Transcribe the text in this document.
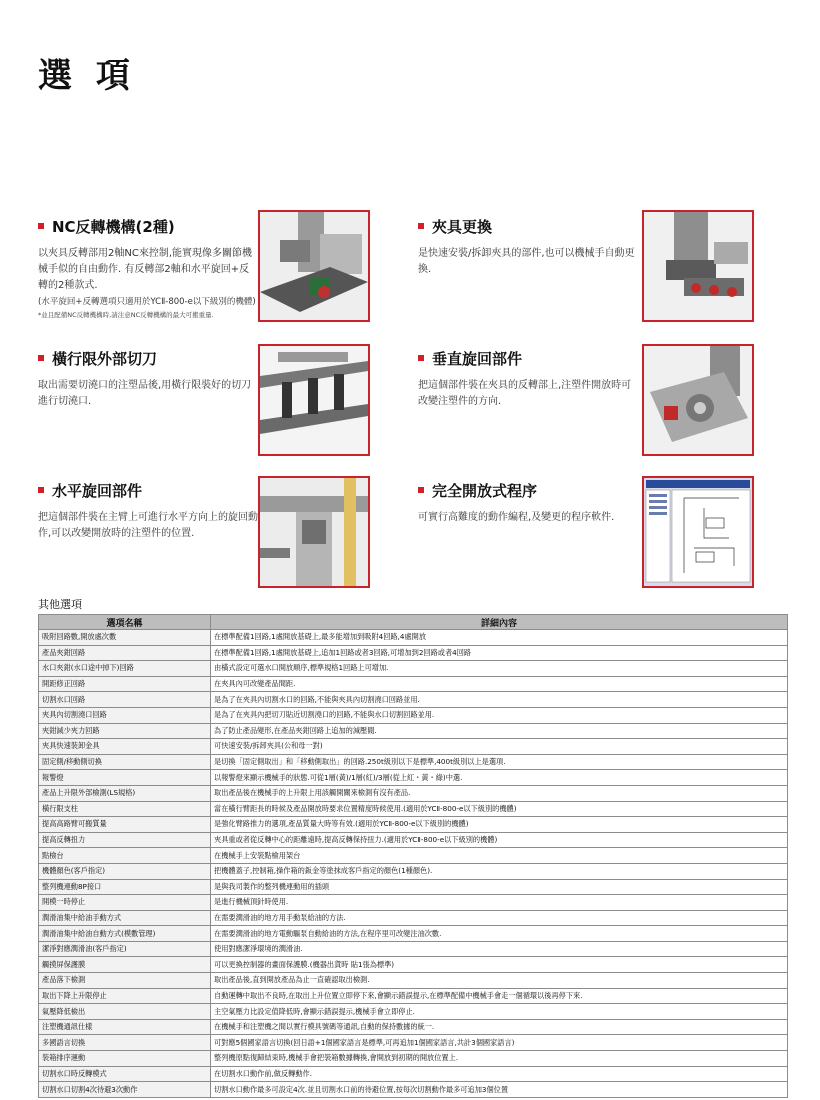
選 項
NC反轉機構(2種)
以夾具反轉部用2軸NC來控制,能實現像多關節機械手似的自由動作. 有反轉部2軸和水平旋回+反轉的2種款式.
(水平旋回+反轉選項只適用於YCⅡ-800-e以下級別的機體)
*並且配備NC反轉機構時,請注意NC反轉機構的最大可搬重量.
夾具更換
是快速安裝/拆卸夾具的部件,也可以機械手自動更換.
橫行限外部切刀
取出需要切澆口的注塑品後,用橫行限裝好的切刀進行切澆口.
垂直旋回部件
把這個部件裝在夾具的反轉部上,注塑件開放時可改變注塑件的方向.
水平旋回部件
把這個部件裝在主臂上可進行水平方向上的旋回動作,可以改變開放時的注塑件的位置.
完全開放式程序
可實行高難度的動作編程,及變更的程序軟件.
其他選項
選項名稱	詳細內容
吸附回路數,開放處次數	在標準配備1回路,1處開放基礎上,最多能增加到吸附4回路,4處開放
產品夾鉗回路	在標準配備1回路,1處開放基礎上,追加1回路或者3回路,可增加到2回路或者4回路
水口夾鉗(水口途中掉下)回路	由橫式設定可選水口開放順序,標準規格1回路上可增加.
開距修正回路	在夾具內可改變產品間距.
切割水口回路	是為了在夾具內切割水口的回路,不能與夾具內切割澆口回路並用.
夾具內切割澆口回路	是為了在夾具內把切刀貼近切割澆口的回路,不能與水口切割回路並用.
夾鉗減少夾力回路	為了防止產品變形,在產品夾鉗回路上追加的減壓閥.
夾具快速裝卸金具	可快速安裝/拆卸夾具(公和母一對)
固定側/移動側切換	是切換「固定側取出」和「移動側取出」的回路.250t級別以下是標準,400t級別以上是選項.
報警燈	以報警燈來顯示機械手的狀態.可從1層(黃)/1層(紅)/3層(從上紅・黃・綠)中選.
產品上升限外部檢測(LS規格)	取出產品後在機械手的上升限上用該觸開關來檢測有沒有產品.
橫行限支柱	當在橫行臂距長的時候及產品開放時要求位置精度時候使用.(適用於YCⅡ-800-e以下級別的機體)
提高高路臂可搬質量	是強化臂路推力的選項,產品質量大時等有效.(適用於YCⅡ-800-e以下級別的機體)
提高反轉扭力	夾具重或者從反轉中心的距離遠時,提高反轉保持扭力.(適用於YCⅡ-800-e以下級別的機體)
點檢台	在機械手上安裝點檢用架台
機體顏色(客戶指定)	把機體蓋子,控制箱,操作箱的鈑金等塗抹成客戶指定的顏色(1種顏色).
整列機連動8P接口	是與我司製作的整列機連動用的插頭
開模一時停止	是進行機械頂針時使用.
潤滑油集中給油手動方式	在需要潤滑油的地方用手動泵給油的方法.
潤滑油集中給油自動方式(模數管理)	在需要潤滑油的地方電動驅泵自動給油的方法,在程序里可改變注油次數.
潔淨對應潤滑油(客戶指定)	使用對應潔淨環境的潤滑油.
觸摸屏保護膜	可以更換控制器的畫面保護膜.(機器出貨時 貼1張為標準)
產品落下檢測	取出產品後,直到開放產品為止一直確認取出檢測.
取出下降上升限停止	自動運轉中取出不良時,在取出上升位置立即停下來,會顯示錯誤提示,在標準配備中機械手會走一個循環以後再停下來.
氣壓降低檢出	主空氣壓力比設定值降低時,會顯示錯誤提示,機械手會立即停止.
注塑機通訊仕樣	在機械手和注塑機之間以實行模具號碼等通訊,自動的保持數據的統一.
多國語言切換	可對應5個國家語言切換(回日語+1個國家語言是標準,可再追加1個國家語言,共計3個國家語言)
裝箱排序運動	整列機原點復歸結束時,機械手會把裝箱數據轉換,會開放到初期的開放位置上.
切割水口時反轉模式	在切割水口動作前,做反轉動作.
切割水口切割4次待避3次動作	切割水口動作最多可設定4次.並且切割水口前的待避位置,按每次切割動作最多可追加3個位置
